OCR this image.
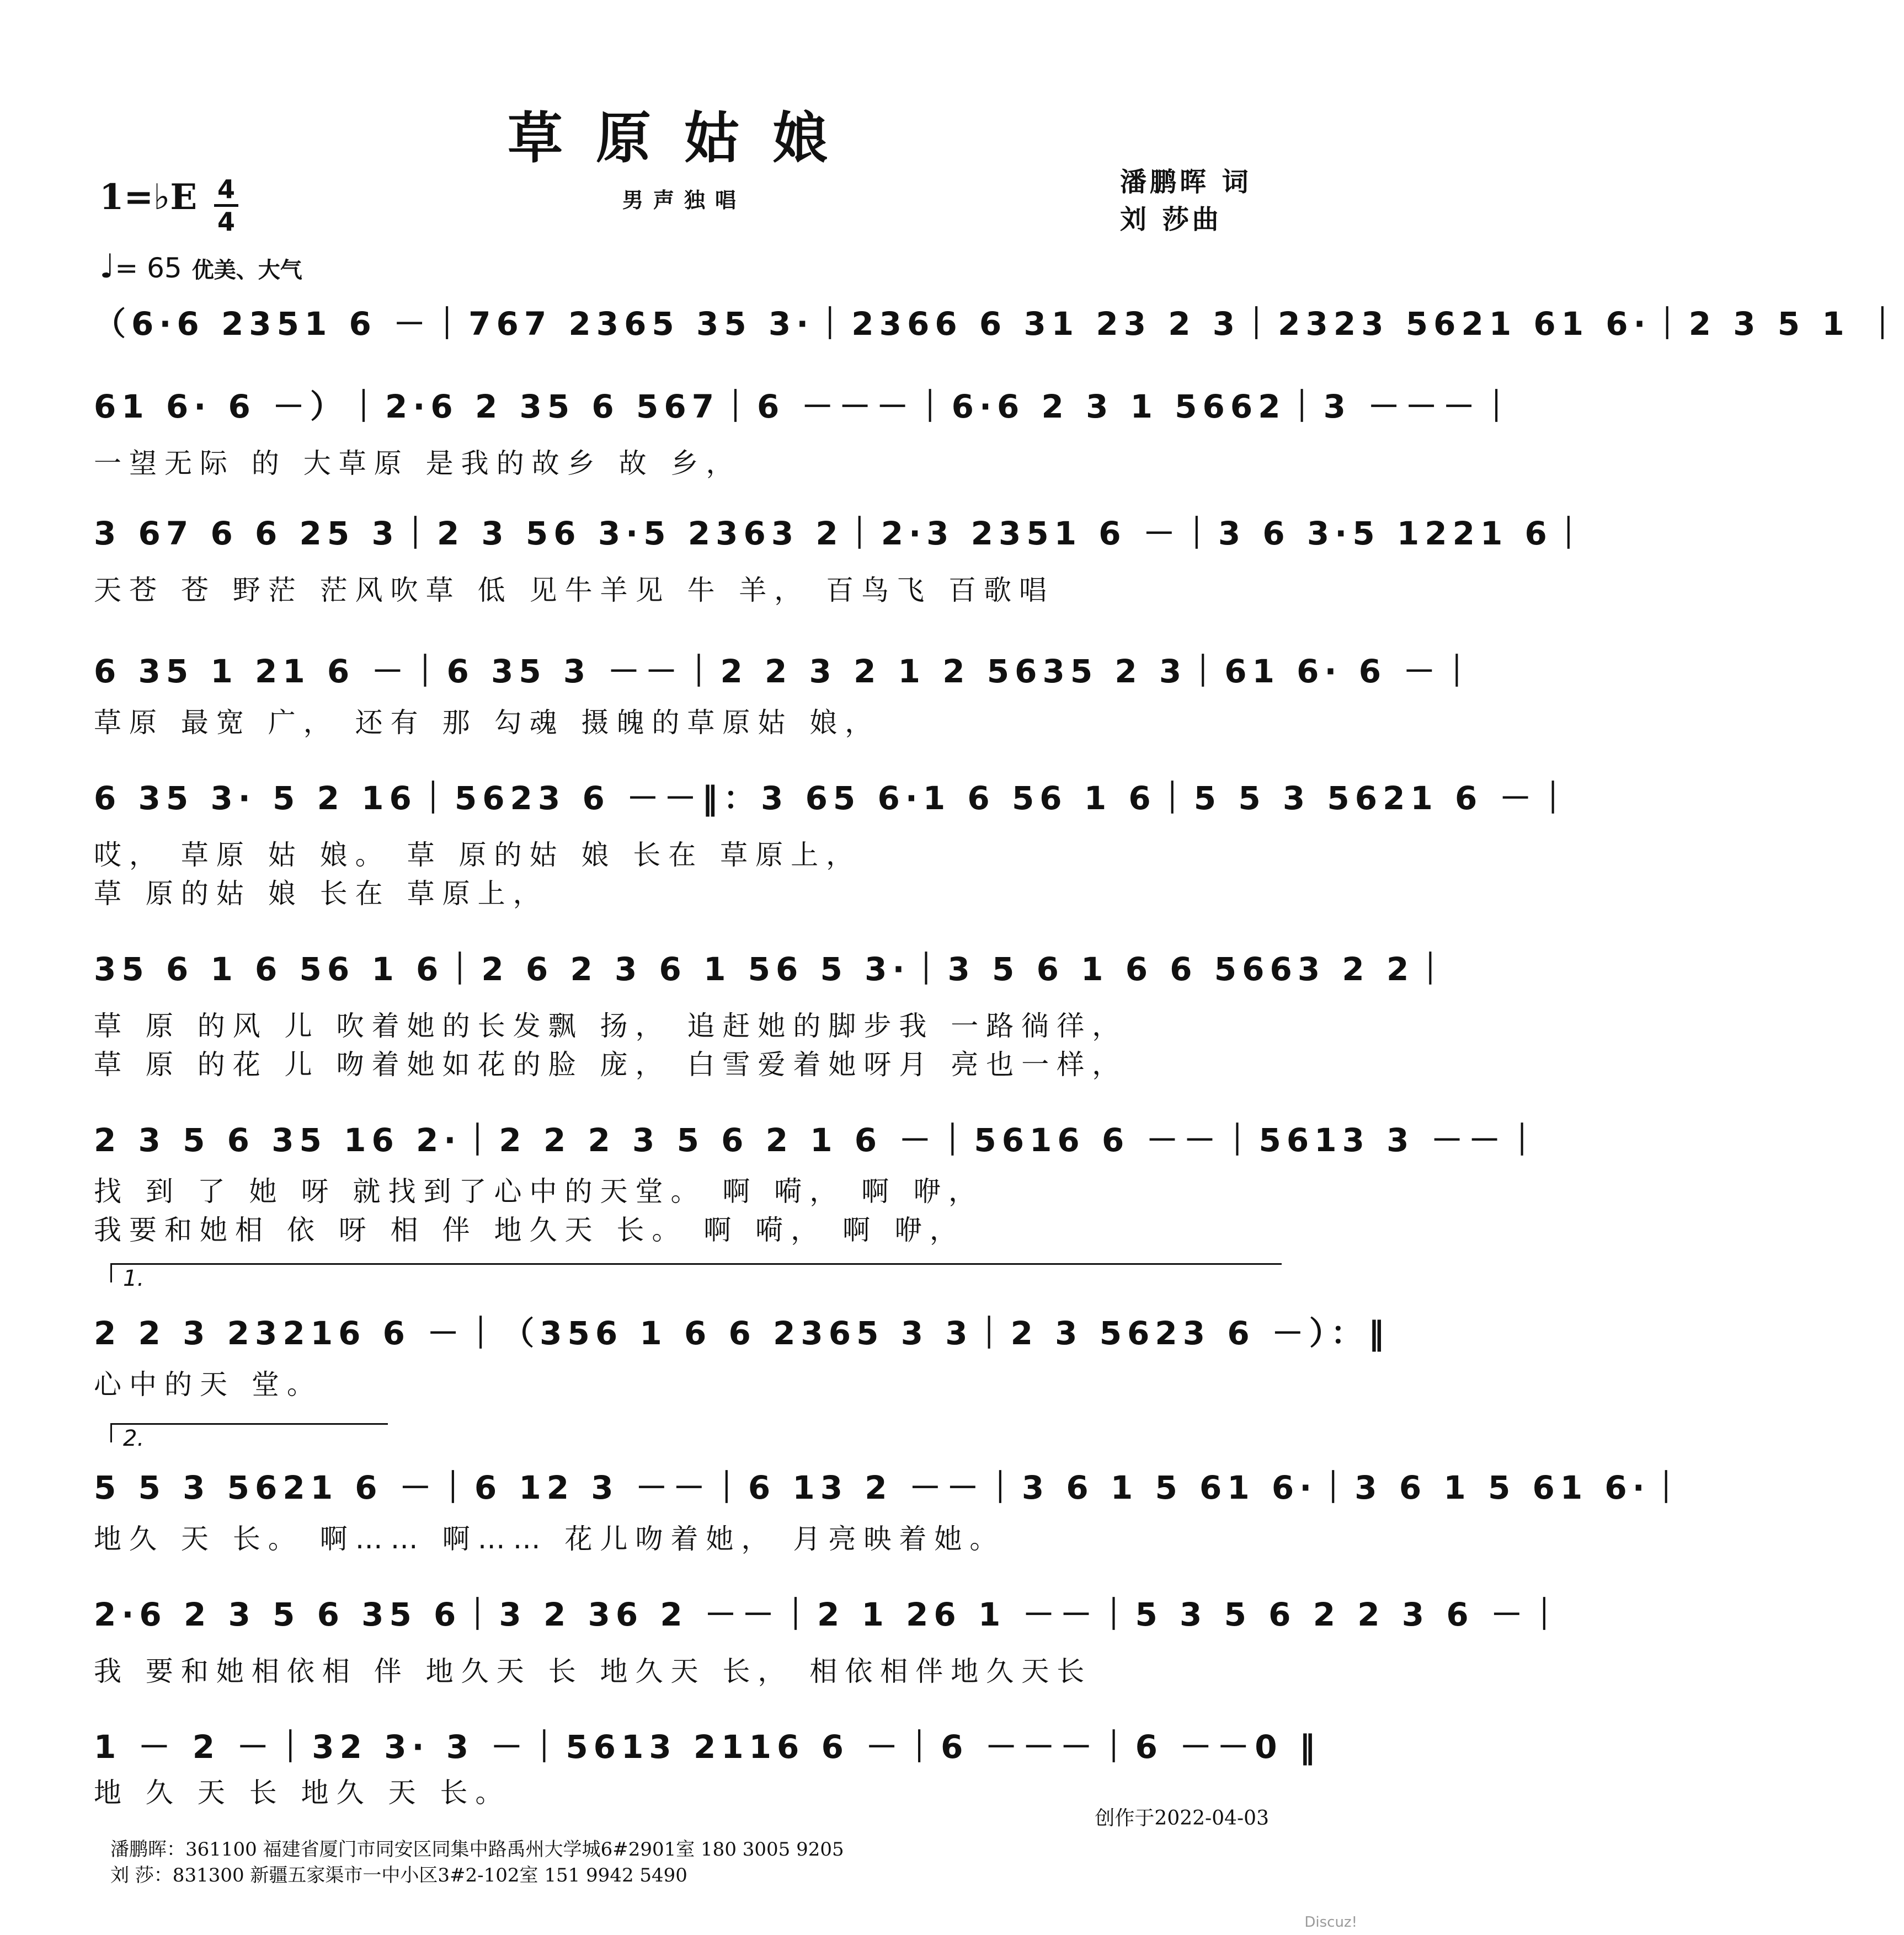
草原姑娘
男声独唱
1=♭E 4
4
♩= 65 优美、大气
潘鹏晖 词
刘 莎曲
（6·6 2351 6 －｜767 2365 35 3·｜2366 6 31 23 2 3｜2323 5621 61 6·｜2 3 5 1 ｜
61 6· 6 －）｜2·6 2 35 6 567｜6 －－－｜6·6 2 3 1 5662｜3 －－－｜
一望无际 的 大草原 是我的故乡 故 乡，
3 67 6 6 25 3｜2 3 56 3·5 2363 2｜2·3 2351 6 －｜3 6 3·5 1221 6｜
天苍 苍 野茫 茫风吹草 低 见牛羊见 牛 羊， 百鸟飞 百歌唱
6 35 1 21 6 －｜6 35 3 －－｜2 2 3 2 1 2 5635 2 3｜61 6· 6 －｜
草原 最宽 广， 还有 那 勾魂 摄魄的草原姑 娘，
6 35 3· 5 2 16｜5623 6 －－‖：3 65 6·1 6 56 1 6｜5 5 3 5621 6 －｜
哎， 草原 姑 娘。 草 原的姑 娘 长在 草原上，
草 原的姑 娘 长在 草原上，
35 6 1 6 56 1 6｜2 6 2 3 6 1 56 5 3·｜3 5 6 1 6 6 5663 2 2｜
草 原 的风 儿 吹着她的长发飘 扬， 追赶她的脚步我 一路徜徉，
草 原 的花 儿 吻着她如花的脸 庞， 白雪爱着她呀月 亮也一样，
2 3 5 6 35 16 2·｜2 2 2 3 5 6 2 1 6 －｜5616 6 －－｜5613 3 －－｜
找 到 了 她 呀 就找到了心中的天堂。 啊 嗬， 啊 咿，
我要和她相 依 呀 相 伴 地久天 长。 啊 嗬， 啊 咿，
1.
2 2 3 23216 6 －｜（356 1 6 6 2365 3 3｜2 3 5623 6 －）：‖
心中的天 堂。
2.
5 5 3 5621 6 －｜6 12 3 －－｜6 13 2 －－｜3 6 1 5 61 6·｜3 6 1 5 61 6·｜
地久 天 长。 啊…… 啊…… 花儿吻着她， 月亮映着她。
2·6 2 3 5 6 35 6｜3 2 36 2 －－｜2 1 26 1 －－｜5 3 5 6 2 2 3 6 －｜
我 要和她相依相 伴 地久天 长 地久天 长， 相依相伴地久天长
1 － 2 －｜32 3· 3 －｜5613 2116 6 －｜6 －－－｜6 －－0 ‖
地 久 天 长 地久 天 长。
创作于2022-04-03
潘鹏晖：361100 福建省厦门市同安区同集中路禹州大学城6#2901室 180 3005 9205
刘 莎：831300 新疆五家渠市一中小区3#2-102室 151 9942 5490
Discuz!
